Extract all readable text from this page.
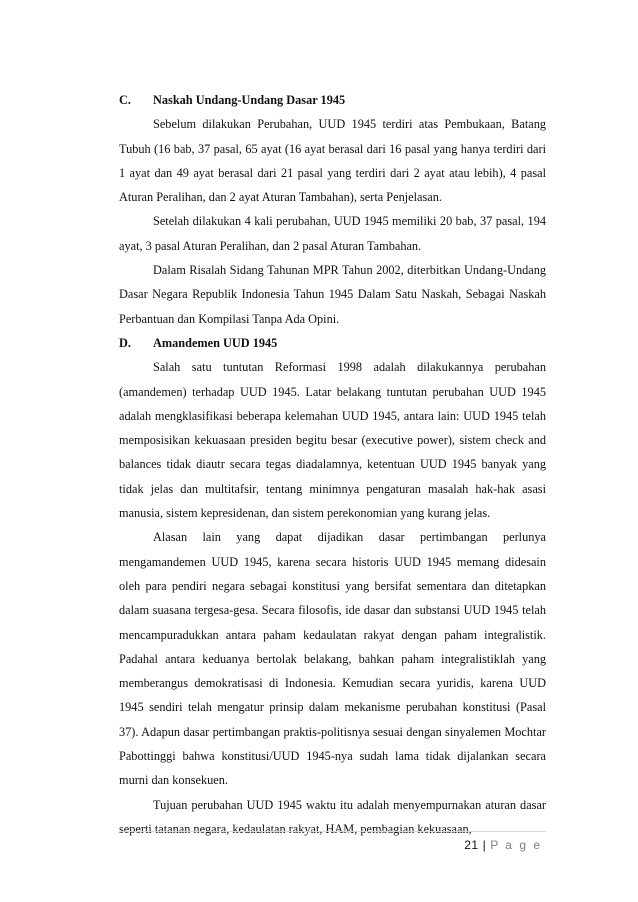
C.	Naskah Undang-Undang Dasar 1945

Sebelum dilakukan Perubahan, UUD 1945 terdiri atas Pembukaan, Batang Tubuh (16 bab, 37 pasal, 65 ayat (16 ayat berasal dari 16 pasal yang hanya terdiri dari 1 ayat dan 49 ayat berasal dari 21 pasal yang terdiri dari 2 ayat atau lebih), 4 pasal Aturan Peralihan, dan 2 ayat Aturan Tambahan), serta Penjelasan.

Setelah dilakukan 4 kali perubahan, UUD 1945 memiliki 20 bab, 37 pasal, 194 ayat, 3 pasal Aturan Peralihan, dan 2 pasal Aturan Tambahan.

Dalam Risalah Sidang Tahunan MPR Tahun 2002, diterbitkan Undang-Undang Dasar Negara Republik Indonesia Tahun 1945 Dalam Satu Naskah, Sebagai Naskah Perbantuan dan Kompilasi Tanpa Ada Opini.

D.	Amandemen UUD 1945

Salah satu tuntutan Reformasi 1998 adalah dilakukannya perubahan (amandemen) terhadap UUD 1945. Latar belakang tuntutan perubahan UUD 1945 adalah mengklasifikasi beberapa kelemahan UUD 1945, antara lain: UUD 1945 telah memposisikan kekuasaan presiden begitu besar (executive power), sistem check and balances tidak diautr secara tegas diadalamnya, ketentuan UUD 1945 banyak yang tidak jelas dan multitafsir, tentang minimnya pengaturan masalah hak-hak asasi manusia, sistem kepresidenan, dan sistem perekonomian yang kurang jelas.

Alasan lain yang dapat dijadikan dasar pertimbangan perlunya mengamandemen UUD 1945, karena secara historis UUD 1945 memang didesain oleh para pendiri negara sebagai konstitusi yang bersifat sementara dan ditetapkan dalam suasana tergesa-gesa. Secara filosofis, ide dasar dan substansi UUD 1945 telah mencampuradukkan antara paham kedaulatan rakyat dengan paham integralistik. Padahal antara keduanya bertolak belakang, bahkan paham integralistiklah yang memberangus demokratisasi di Indonesia. Kemudian secara yuridis, karena UUD 1945 sendiri telah mengatur prinsip dalam mekanisme perubahan konstitusi (Pasal 37). Adapun dasar pertimbangan praktis-politisnya sesuai dengan sinyalemen Mochtar Pabottinggi bahwa konstitusi/UUD 1945-nya sudah lama tidak dijalankan secara murni dan konsekuen.

Tujuan perubahan UUD 1945 waktu itu adalah menyempurnakan aturan dasar seperti tatanan negara, kedaulatan rakyat, HAM, pembagian kekuasaan,

21 | P a g e
